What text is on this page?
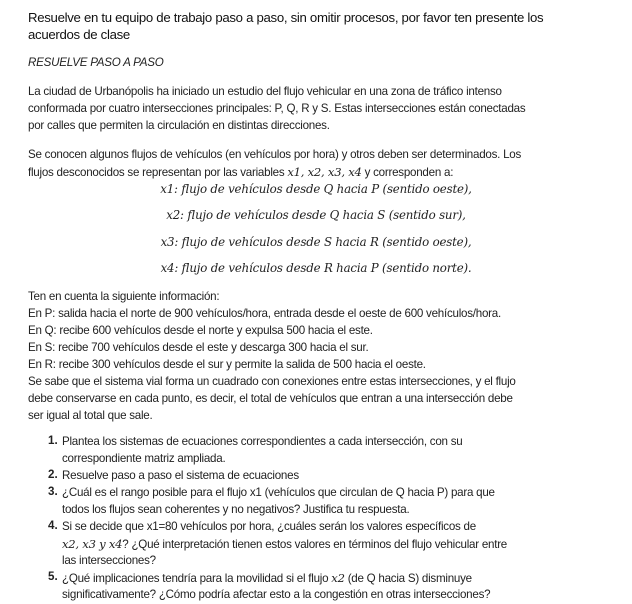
Resuelve en tu equipo de trabajo paso a paso, sin omitir procesos, por favor ten presente los
acuerdos de clase
RESUELVE PASO A PASO
La ciudad de Urbanópolis ha iniciado un estudio del flujo vehicular en una zona de tráfico intenso
conformada por cuatro intersecciones principales: P, Q, R y S. Estas intersecciones están conectadas
por calles que permiten la circulación en distintas direcciones.
Se conocen algunos flujos de vehículos (en vehículos por hora) y otros deben ser determinados. Los
flujos desconocidos se representan por las variables x1, x2, x3, x4 y corresponden a:
x1: flujo de vehículos desde Q hacia P (sentido oeste),
x2: flujo de vehículos desde Q hacia S (sentido sur),
x3: flujo de vehículos desde S hacia R (sentido oeste),
x4: flujo de vehículos desde R hacia P (sentido norte).
Ten en cuenta la siguiente información:
En P: salida hacia el norte de 900 vehículos/hora, entrada desde el oeste de 600 vehículos/hora.
En Q: recibe 600 vehículos desde el norte y expulsa 500 hacia el este.
En S: recibe 700 vehículos desde el este y descarga 300 hacia el sur.
En R: recibe 300 vehículos desde el sur y permite la salida de 500 hacia el oeste.
Se sabe que el sistema vial forma un cuadrado con conexiones entre estas intersecciones, y el flujo
debe conservarse en cada punto, es decir, el total de vehículos que entran a una intersección debe
ser igual al total que sale.
1. Plantea los sistemas de ecuaciones correspondientes a cada intersección, con su
correspondiente matriz ampliada.
2. Resuelve paso a paso el sistema de ecuaciones
3. ¿Cuál es el rango posible para el flujo x1 (vehículos que circulan de Q hacia P) para que
todos los flujos sean coherentes y no negativos? Justifica tu respuesta.
4. Si se decide que x1=80 vehículos por hora, ¿cuáles serán los valores específicos de
x2, x3 y x4? ¿Qué interpretación tienen estos valores en términos del flujo vehicular entre
las intersecciones?
5. ¿Qué implicaciones tendría para la movilidad si el flujo x2 (de Q hacia S) disminuye
significativamente? ¿Cómo podría afectar esto a la congestión en otras intersecciones?
